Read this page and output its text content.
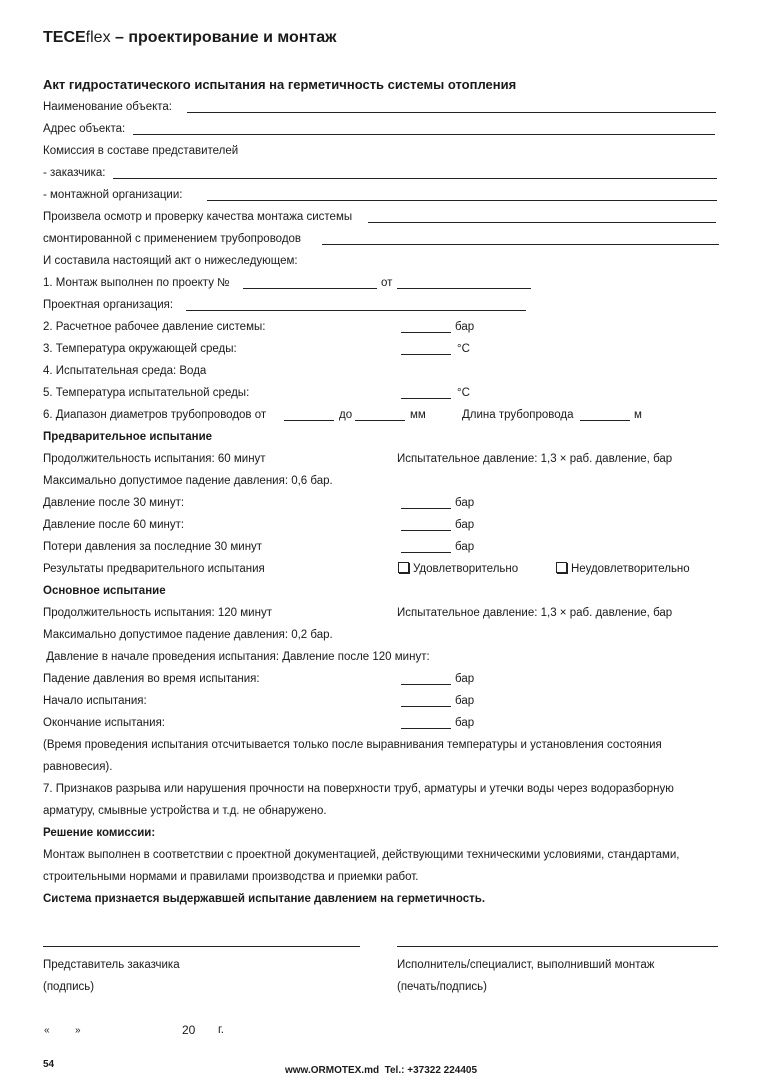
TECEflex – проектирование и монтаж
Акт гидростатического испытания на герметичность системы отопления
Наименование объекта:
Адрес объекта:
Комиссия в составе представителей
- заказчика:
- монтажной организации:
Произвела осмотр и проверку качества монтажа системы
смонтированной с применением трубопроводов
И составила настоящий акт о нижеследующем:
1. Монтаж выполнен по проекту №	от
Проектная организация:
2. Расчетное рабочее давление системы:	бар
3. Температура окружающей среды:	°С
4. Испытательная среда: Вода
5. Температура испытательной среды:	°С
6. Диапазон диаметров трубопроводов от	до	мм	Длина трубопровода	м
Предварительное испытание
Продолжительность испытания: 60 минут	Испытательное давление: 1,3 × раб. давление, бар
Максимально допустимое падение давления: 0,6 бар.
Давление после 30 минут:	бар
Давление после 60 минут:	бар
Потери давления за последние 30 минут	бар
Результаты предварительного испытания	Удовлетворительно	Неудовлетворительно
Основное испытание
Продолжительность испытания: 120 минут	Испытательное давление: 1,3 × раб. давление, бар
Максимально допустимое падение давления: 0,2 бар.
Давление в начале проведения испытания: Давление после 120 минут:
Падение давления во время испытания:	бар
Начало испытания:	бар
Окончание испытания:	бар
(Время проведения испытания отсчитывается только после выравнивания температуры и установления состояния
равновесия).
7. Признаков разрыва или нарушения прочности на поверхности труб, арматуры и утечки воды через водоразборную
арматуру, смывные устройства и т.д. не обнаружено.
Решение комиссии:
Монтаж выполнен в соответствии с проектной документацией, действующими техническими условиями, стандартами,
строительными нормами и правилами производства и приемки работ.
Система признается выдержавшей испытание давлением на герметичность.
Представитель заказчика	Исполнитель/специалист, выполнивший монтаж
(подпись)	(печать/подпись)
«	»	20 г.
54
www.ORMOTEX.md  Tel.: +37322 224405
